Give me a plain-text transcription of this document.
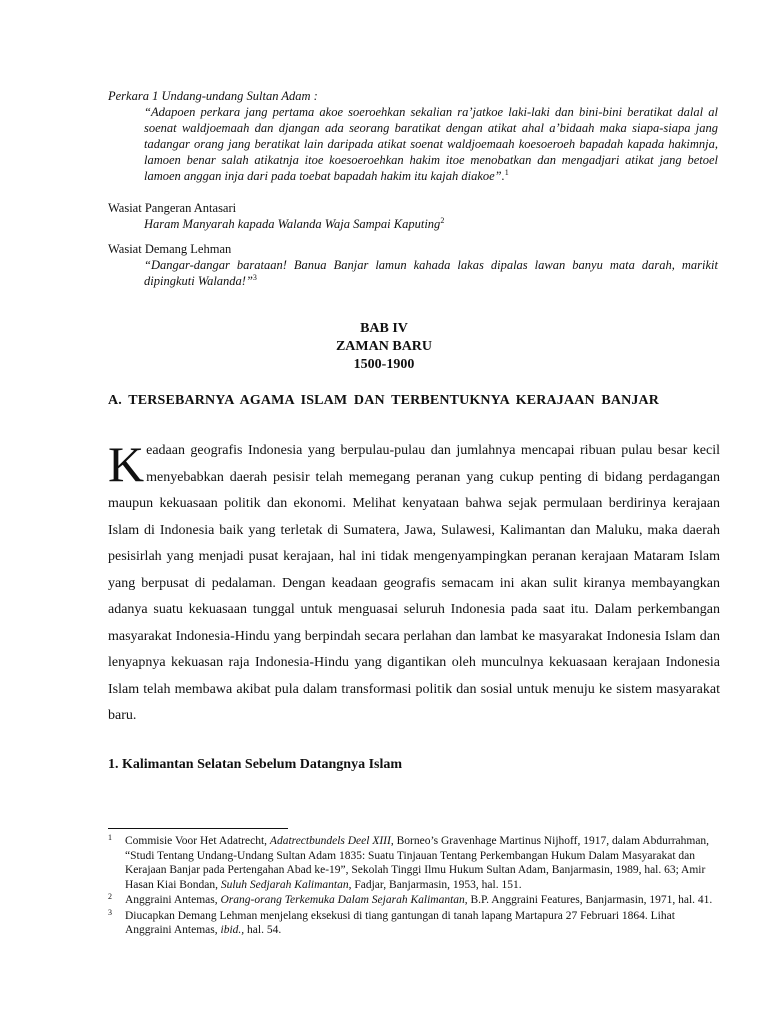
Perkara 1 Undang-undang Sultan Adam :
“Adapoen perkara jang pertama akoe soeroehkan sekalian ra’jatkoe laki-laki dan bini-bini beratikat dalal al soenat waldjoemaah dan djangan ada seorang baratikat dengan atikat ahal a’bidaah maka siapa-siapa jang tadangar orang jang beratikat lain daripada atikat soenat waldjoemaah koesoeroeh bapadah kapada hakimnja, lamoen benar salah atikatnja itoe koesoeroehkan hakim itoe menobatkan dan mengadjari atikat jang betoel lamoen anggan inja dari pada toebat bapadah hakim itu kajah diakoe”.$^1$
Wasiat Pangeran Antasari
Haram Manyarah kapada Walanda Waja Sampai Kaputing$^2$
Wasiat Demang Lehman
“Dangar-dangar barataan! Banua Banjar lamun kahada lakas dipalas lawan banyu mata darah, marikit dipingkuti Walanda!”$^3$
BAB IV
ZAMAN BARU
1500-1900
A. TERSEBARNYA AGAMA ISLAM DAN TERBENTUKNYA KERAJAAN BANJAR
Keadaan geografis Indonesia yang berpulau-pulau dan jumlahnya mencapai ribuan pulau besar kecil menyebabkan daerah pesisir telah memegang peranan yang cukup penting di bidang perdagangan maupun kekuasaan politik dan ekonomi. Melihat kenyataan bahwa sejak permulaan berdirinya kerajaan Islam di Indonesia baik yang terletak di Sumatera, Jawa, Sulawesi, Kalimantan dan Maluku, maka daerah pesisirlah yang menjadi pusat kerajaan, hal ini tidak mengenyampingkan peranan kerajaan Mataram Islam yang berpusat di pedalaman. Dengan keadaan geografis semacam ini akan sulit kiranya membayangkan adanya suatu kekuasaan tunggal untuk menguasai seluruh Indonesia pada saat itu. Dalam perkembangan masyarakat Indonesia-Hindu yang berpindah secara perlahan dan lambat ke masyarakat Indonesia Islam dan lenyapnya kekuasan raja Indonesia-Hindu yang digantikan oleh munculnya kekuasaan kerajaan Indonesia Islam telah membawa akibat pula dalam transformasi politik dan sosial untuk menuju ke sistem masyarakat baru.
1. Kalimantan Selatan Sebelum Datangnya Islam
1 Commisie Voor Het Adatrecht, Adatrectbundels Deel XIII, Borneo’s Gravenhage Martinus Nijhoff, 1917, dalam Abdurrahman, “Studi Tentang Undang-Undang Sultan Adam 1835: Suatu Tinjauan Tentang Perkembangan Hukum Dalam Masyarakat dan Kerajaan Banjar pada Pertengahan Abad ke-19”, Sekolah Tinggi Ilmu Hukum Sultan Adam, Banjarmasin, 1989, hal. 63; Amir Hasan Kiai Bondan, Suluh Sedjarah Kalimantan, Fadjar, Banjarmasin, 1953, hal. 151.
2 Anggraini Antemas, Orang-orang Terkemuka Dalam Sejarah Kalimantan, B.P. Anggraini Features, Banjarmasin, 1971, hal. 41.
3 Diucapkan Demang Lehman menjelang eksekusi di tiang gantungan di tanah lapang Martapura 27 Februari 1864. Lihat Anggraini Antemas, ibid., hal. 54.
